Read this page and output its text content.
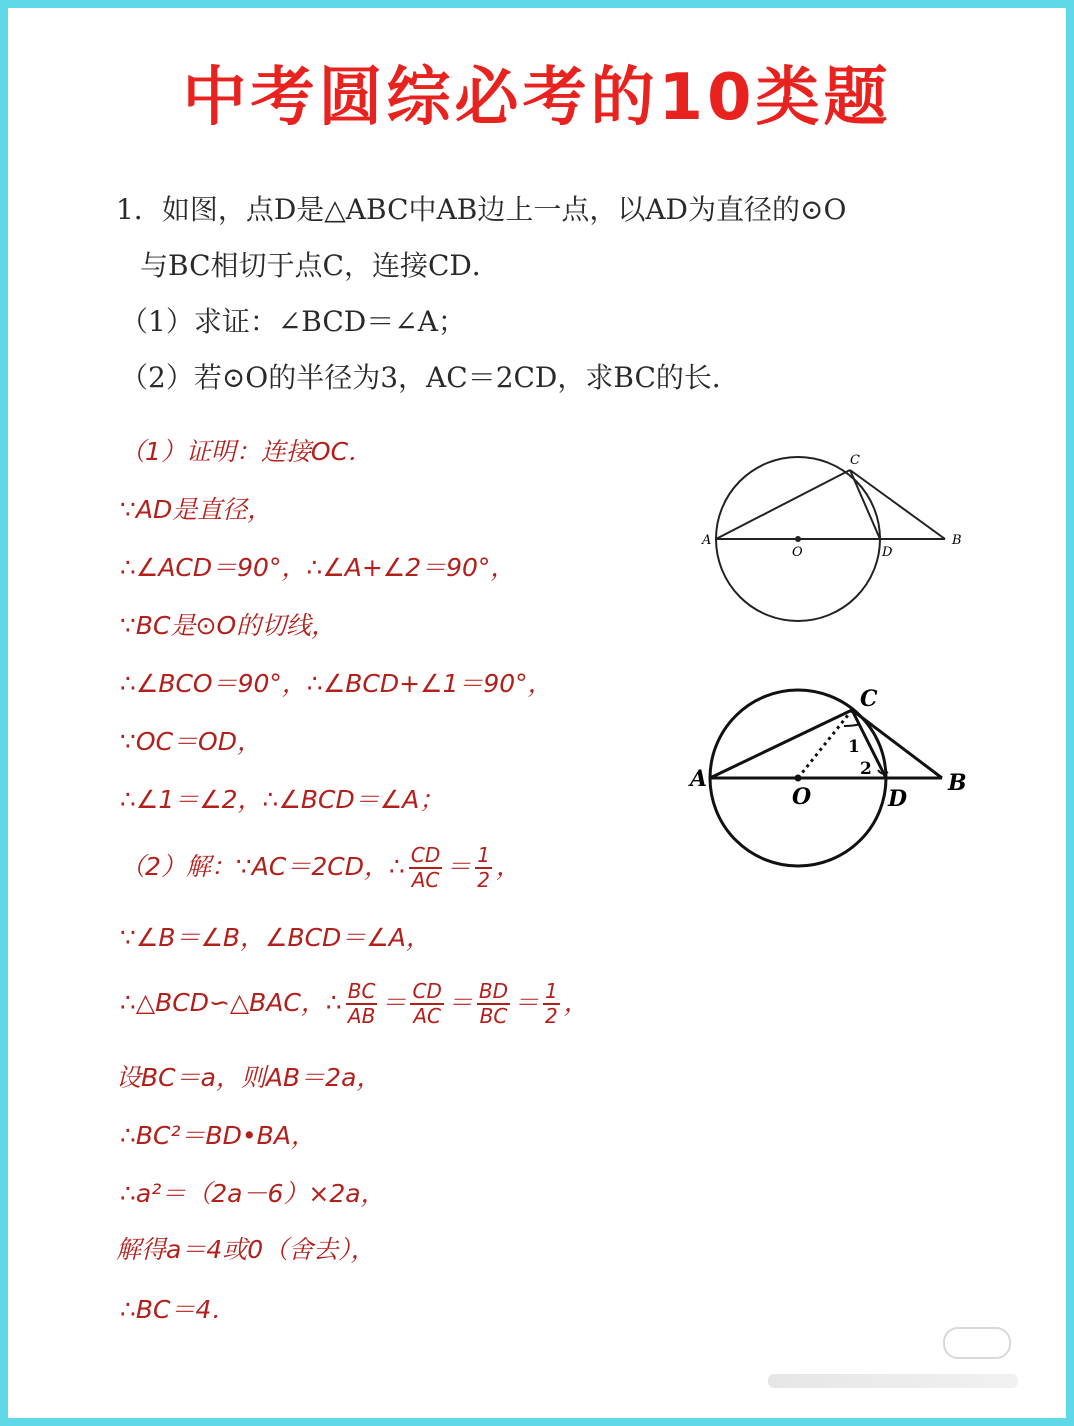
中考圆综必考的10类题
1．如图，点D是△ABC中AB边上一点，以AD为直径的⊙O
与BC相切于点C，连接CD．
（1）求证：∠BCD＝∠A；
（2）若⊙O的半径为3，AC＝2CD，求BC的长．
（1）证明：连接OC．
∵AD是直径，
∴∠ACD＝90°，∴∠A+∠2＝90°，
∵BC是⊙O的切线，
∴∠BCO＝90°，∴∠BCD+∠1＝90°，
∵OC＝OD，
∴∠1＝∠2，∴∠BCD＝∠A；
（2）解：∵AC＝2CD，∴ $\frac{CD}{AC} = \frac{1}{2}$ ，
∵∠B＝∠B，∠BCD＝∠A，
∴△BCD∽△BAC，∴ $\frac{BC}{AB} = \frac{CD}{AC} = \frac{BD}{BC} = \frac{1}{2}$ ，
设BC＝a，则AB＝2a，
∴BC²＝BD•BA，
∴a²＝（2a－6）×2a，
解得a＝4或0（舍去），
∴BC＝4．
A
O	D
B
C
A
O	D
B
C
1
2
